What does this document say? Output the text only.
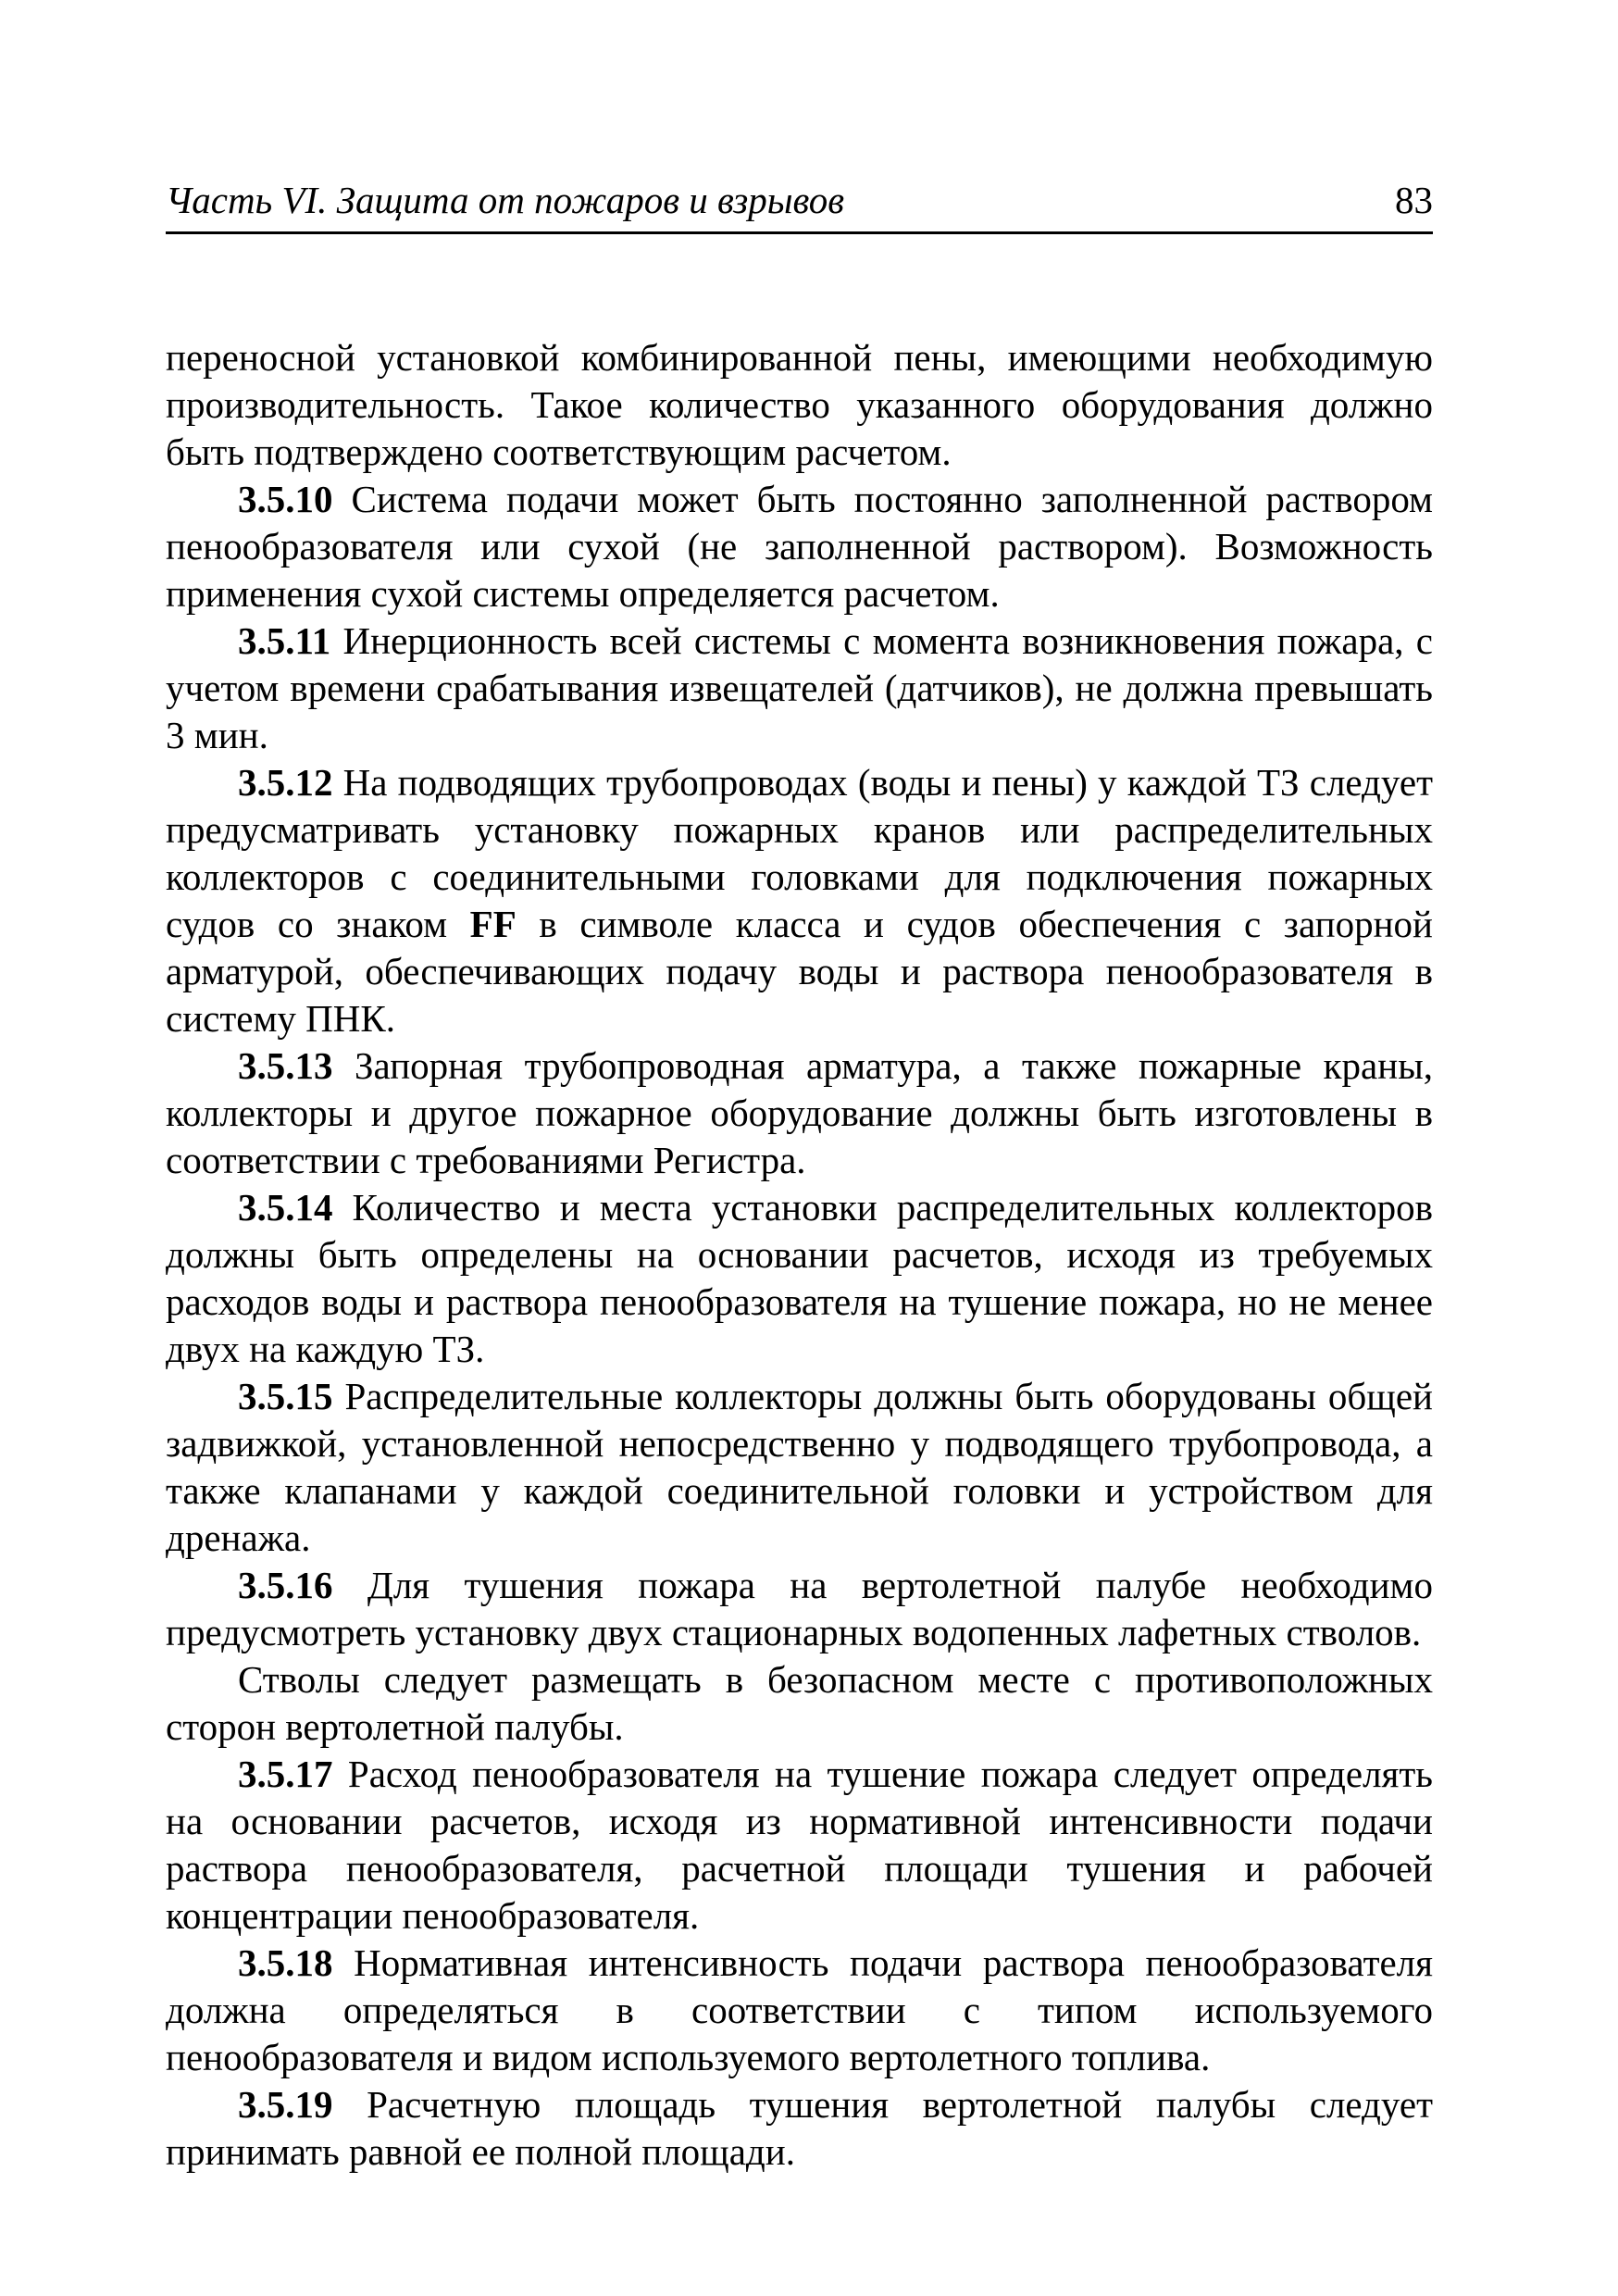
Часть VI. Защита от пожаров и взрывов	83

переносной установкой комбинированной пены, имеющими необходимую производительность. Такое количество указанного оборудования должно быть подтверждено соответствующим расчетом.

3.5.10 Система подачи может быть постоянно заполненной раствором пенообразователя или сухой (не заполненной раствором). Возможность применения сухой системы определяется расчетом.

3.5.11 Инерционность всей системы с момента возникновения пожара, с учетом времени срабатывания извещателей (датчиков), не должна превышать 3 мин.

3.5.12 На подводящих трубопроводах (воды и пены) у каждой ТЗ следует предусматривать установку пожарных кранов или распределительных коллекторов с соединительными головками для подключения пожарных судов со знаком FF в символе класса и судов обеспечения с запорной арматурой, обеспечивающих подачу воды и раствора пенообразователя в систему ПНК.

3.5.13 Запорная трубопроводная арматура, а также пожарные краны, коллекторы и другое пожарное оборудование должны быть изготовлены в соответствии с требованиями Регистра.

3.5.14 Количество и места установки распределительных коллекторов должны быть определены на основании расчетов, исходя из требуемых расходов воды и раствора пенообразователя на тушение пожара, но не менее двух на каждую ТЗ.

3.5.15 Распределительные коллекторы должны быть оборудованы общей задвижкой, установленной непосредственно у подводящего трубопровода, а также клапанами у каждой соединительной головки и устройством для дренажа.

3.5.16 Для тушения пожара на вертолетной палубе необходимо предусмотреть установку двух стационарных водопенных лафетных стволов.

Стволы следует размещать в безопасном месте с противоположных сторон вертолетной палубы.

3.5.17 Расход пенообразователя на тушение пожара следует определять на основании расчетов, исходя из нормативной интенсивности подачи раствора пенообразователя, расчетной площади тушения и рабочей концентрации пенообразователя.

3.5.18 Нормативная интенсивность подачи раствора пенообразователя должна определяться в соответствии с типом используемого пенообразователя и видом используемого вертолетного топлива.

3.5.19 Расчетную площадь тушения вертолетной палубы следует принимать равной ее полной площади.
